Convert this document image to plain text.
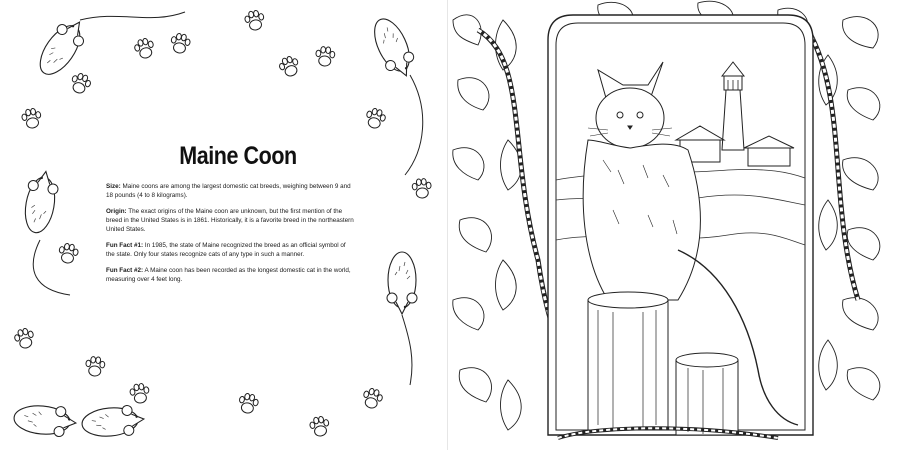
Maine Coon

Size: Maine coons are among the largest domestic cat breeds, weighing between 9 and 18 pounds (4 to 8 kilograms).

Origin: The exact origins of the Maine coon are unknown, but the first mention of the breed in the United States is in 1861. Historically, it is a favorite breed in the northeastern United States.

Fun Fact #1: In 1985, the state of Maine recognized the breed as an official symbol of the state. Only four states recognize cats of any type in such a manner.

Fun Fact #2: A Maine coon has been recorded as the longest domestic cat in the world, measuring over 4 feet long.
